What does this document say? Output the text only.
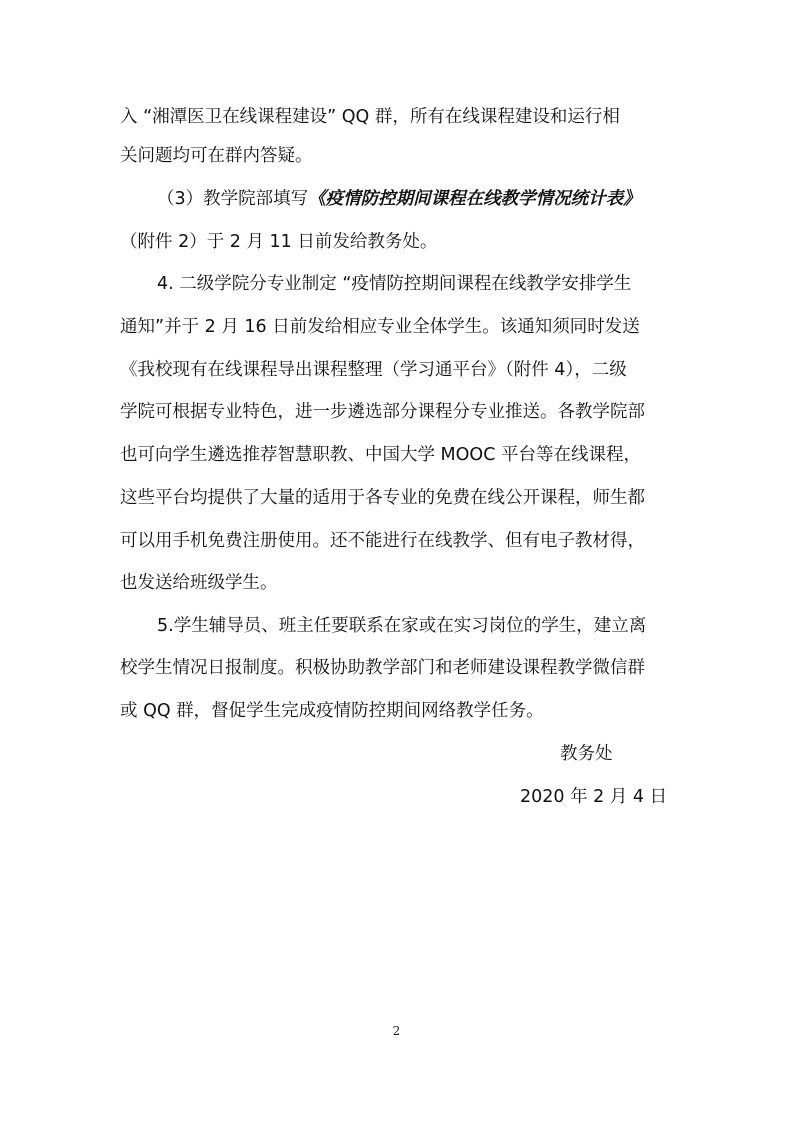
入 “湘潭医卫在线课程建设” QQ 群，所有在线课程建设和运行相
关问题均可在群内答疑。
（3）教学院部填写《疫情防控期间课程在线教学情况统计表》
（附件 2）于 2 月 11 日前发给教务处。
4. 二级学院分专业制定 “疫情防控期间课程在线教学安排学生
通知”并于 2 月 16 日前发给相应专业全体学生。该通知须同时发送
《我校现有在线课程导出课程整理（学习通平台》（附件 4），二级
学院可根据专业特色，进一步遴选部分课程分专业推送。各教学院部
也可向学生遴选推荐智慧职教、中国大学 MOOC 平台等在线课程，
这些平台均提供了大量的适用于各专业的免费在线公开课程，师生都
可以用手机免费注册使用。还不能进行在线教学、但有电子教材得，
也发送给班级学生。
5.学生辅导员、班主任要联系在家或在实习岗位的学生，建立离
校学生情况日报制度。积极协助教学部门和老师建设课程教学微信群
或 QQ 群，督促学生完成疫情防控期间网络教学任务。
教务处
2020 年 2 月 4 日
2
